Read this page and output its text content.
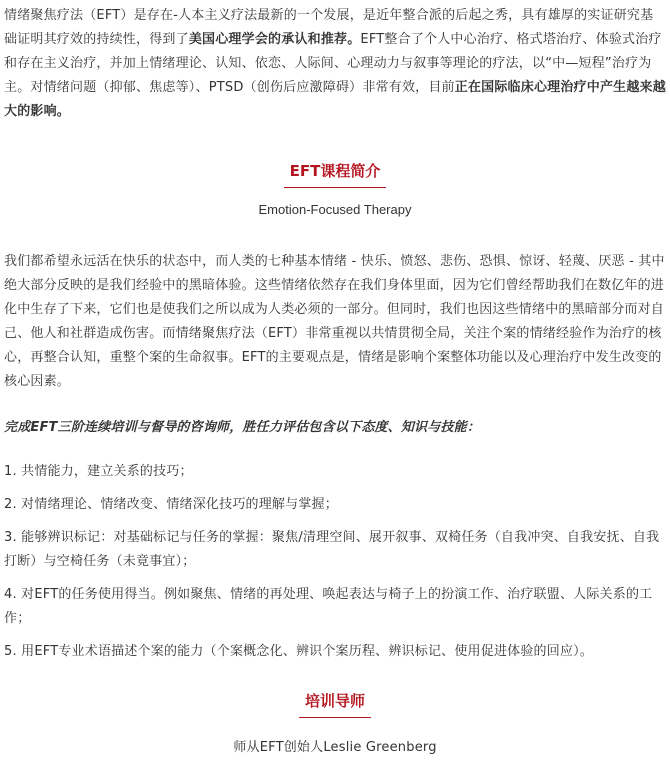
情绪聚焦疗法（EFT）是存在-人本主义疗法最新的一个发展，是近年整合派的后起之秀，具有雄厚的实证研究基础证明其疗效的持续性，得到了美国心理学会的承认和推荐。EFT整合了个人中心治疗、格式塔治疗、体验式治疗和存在主义治疗，并加上情绪理论、认知、依恋、人际间、心理动力与叙事等理论的疗法，以“中—短程”治疗为主。对情绪问题（抑郁、焦虑等）、PTSD（创伤后应激障碍）非常有效，目前正在国际临床心理治疗中产生越来越大的影响。

EFT课程简介
Emotion-Focused Therapy

我们都希望永远活在快乐的状态中，而人类的七种基本情绪 - 快乐、愤怒、悲伤、恐惧、惊讶、轻蔑、厌恶 - 其中绝大部分反映的是我们经验中的黑暗体验。这些情绪依然存在我们身体里面，因为它们曾经帮助我们在数亿年的进化中生存了下来，它们也是使我们之所以成为人类必须的一部分。但同时，我们也因这些情绪中的黑暗部分而对自己、他人和社群造成伤害。而情绪聚焦疗法（EFT）非常重视以共情贯彻全局，关注个案的情绪经验作为治疗的核心，再整合认知，重整个案的生命叙事。EFT的主要观点是，情绪是影响个案整体功能以及心理治疗中发生改变的核心因素。

完成EFT三阶连续培训与督导的咨询师，胜任力评估包含以下态度、知识与技能：

1. 共情能力，建立关系的技巧；

2. 对情绪理论、情绪改变、情绪深化技巧的理解与掌握；

3. 能够辨识标记：对基础标记与任务的掌握：聚焦/清理空间、展开叙事、双椅任务（自我冲突、自我安抚、自我打断）与空椅任务（未竟事宜）；

4. 对EFT的任务使用得当。例如聚焦、情绪的再处理、唤起表达与椅子上的扮演工作、治疗联盟、人际关系的工作；

5. 用EFT专业术语描述个案的能力（个案概念化、辨识个案历程、辨识标记、使用促进体验的回应）。

培训导师
师从EFT创始人Leslie Greenberg
